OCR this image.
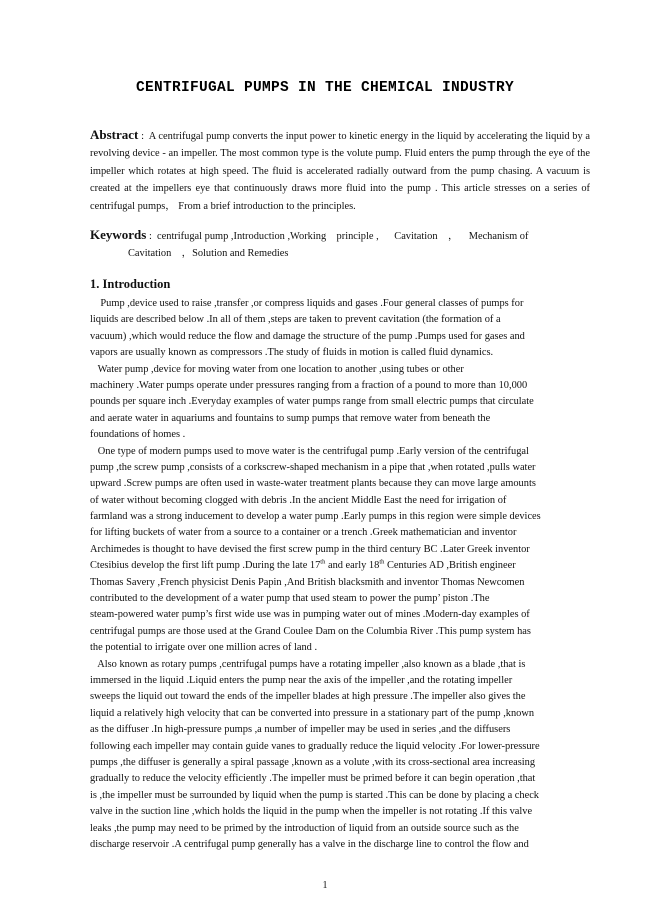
CENTRIFUGAL PUMPS IN THE CHEMICAL INDUSTRY
Abstract :  A centrifugal pump converts the input power to kinetic energy in the liquid by accelerating the liquid by a revolving device - an impeller. The most common type is the volute pump. Fluid enters the pump through the eye of the impeller which rotates at high speed. The fluid is accelerated radially outward from the pump chasing. A vacuum is created at the impellers eye that continuously draws more fluid into the pump . This article stresses on a series of centrifugal pumps， From a brief introduction to the principles.
Keywords :  centrifugal pump ,Introduction ,Working    principle ,      Cavitation    ，    Mechanism of
Cavitation    ，Solution and Remedies
1. Introduction
Pump ,device used to raise ,transfer ,or compress liquids and gases .Four general classes of pumps for
liquids are described below .In all of them ,steps are taken to prevent cavitation (the formation of a
vacuum) ,which would reduce the flow and damage the structure of the pump .Pumps used for gases and
vapors are usually known as compressors .The study of fluids in motion is called fluid dynamics.
Water pump ,device for moving water from one location to another ,using tubes or other
machinery .Water pumps operate under pressures ranging from a fraction of a pound to more than 10,000
pounds per square inch .Everyday examples of water pumps range from small electric pumps that circulate
and aerate water in aquariums and fountains to sump pumps that remove water from beneath the
foundations of homes .
One type of modern pumps used to move water is the centrifugal pump .Early version of the centrifugal
pump ,the screw pump ,consists of a corkscrew-shaped mechanism in a pipe that ,when rotated ,pulls water
upward .Screw pumps are often used in waste-water treatment plants because they can move large amounts
of water without becoming clogged with debris .In the ancient Middle East the need for irrigation of
farmland was a strong inducement to develop a water pump .Early pumps in this region were simple devices
for lifting buckets of water from a source to a container or a trench .Greek mathematician and inventor
Archimedes is thought to have devised the first screw pump in the third century BC .Later Greek inventor
Ctesibius develop the first lift pump .During the late 17th and early 18th Centuries AD ,British engineer
Thomas Savery ,French physicist Denis Papin ,And British blacksmith and inventor Thomas Newcomen
contributed to the development of a water pump that used steam to power the pump’ piston .The
steam-powered water pump’s first wide use was in pumping water out of mines .Modern-day examples of
centrifugal pumps are those used at the Grand Coulee Dam on the Columbia River .This pump system has
the potential to irrigate over one million acres of land .
Also known as rotary pumps ,centrifugal pumps have a rotating impeller ,also known as a blade ,that is
immersed in the liquid .Liquid enters the pump near the axis of the impeller ,and the rotating impeller
sweeps the liquid out toward the ends of the impeller blades at high pressure .The impeller also gives the
liquid a relatively high velocity that can be converted into pressure in a stationary part of the pump ,known
as the diffuser .In high-pressure pumps ,a number of impeller may be used in series ,and the diffusers
following each impeller may contain guide vanes to gradually reduce the liquid velocity .For lower-pressure
pumps ,the diffuser is generally a spiral passage ,known as a volute ,with its cross-sectional area increasing
gradually to reduce the velocity efficiently .The impeller must be primed before it can begin operation ,that
is ,the impeller must be surrounded by liquid when the pump is started .This can be done by placing a check
valve in the suction line ,which holds the liquid in the pump when the impeller is not rotating .If this valve
leaks ,the pump may need to be primed by the introduction of liquid from an outside source such as the
discharge reservoir .A centrifugal pump generally has a valve in the discharge line to control the flow and
1
